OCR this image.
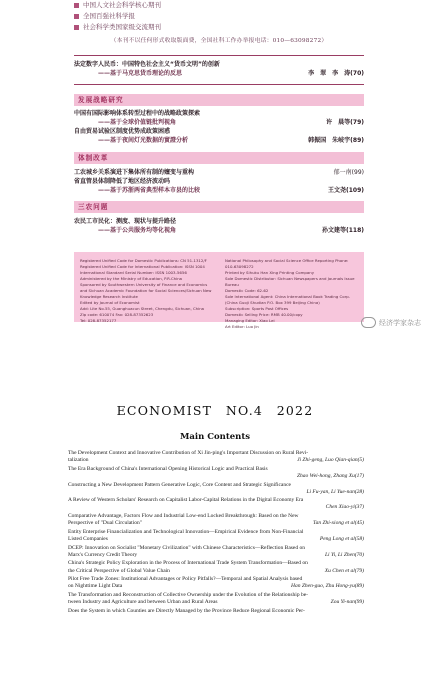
中国人文社会科学核心期刊
全国百强社科学报
社会科学类国家级交流期刊
（本刊不以任何形式收取版面费，全国社科工作办举报电话：010—63098272）
法定数字人民币：中国特色社会主义“货币文明”的创新
——基于马克思货币理论的反思	李　翠　李　涛(70)
发展战略研究
中国有国际影响体系转型过程中的战略政策探索
——基于全球价值链批判视角	许　晨等(79)
自由贸易试验区制度优势成政策困惑
——基于夜间灯光数据的實證分析	韩振国　朱岐宇(89)
体制改革
工农城乡关系演进下集体所有制的嬗变与重构	郁一南(99)
省直管县体制降低了地区经济波动吗
——基于苏浙两省典型样本市县的比较	王文尧(109)
三农问题
农民工市民化：测度、现状与提升路径
——基于公共服务均等化视角	孙文建等(118)
Registered Unified Code for Domestic Publications: CN 51-1312/F
Registered Unified Code for International Publication: ISSN 1004
International Standard Serial Number: ISSN 1003-5656
Administered by the Ministry of Education, P.R.China
Sponsored by Southwestern University of Finance and Economics
and Sichuan Academic Foundation for Social Sciences/Sichuan New
Knowledge Research Institute
Edited by Journal of Economist
Add: Lite No.55, Guanghuacun Street, Chengdu, Sichuan, China
Zip code: 610074 Fax: 028-87352623
Tel: 028-87352177
National Philosophy and Social Science Office Reporting Phone:
010-63098272
Printed by Sihuku Han Xing Printing Company
Sole Domestic Distributor: Sichuan Newspapers and Journals Issue
Bureau
Domestic Code: 62-62
Sole International Agent: China International Book Trading Corp.
(China Guoji Shudian P.O. Box 399 Beijing China)
Subscription: Sports Post Offices
Domestic Selling Price: RMB 40.00/copy
Managing Editor: Xiao Lei
Art Editor: Luo Jin	经济学家杂志
ECONOMIST　NO.4　2022
Main Contents
The Development Context and Innovative Contribution of Xi Jin-ping's Important Discussion on Rural Revi-
talization	Ji Zhi-geng, Luo Qian-qian(5)
The Era Background of China's International Opening Historical Logic and Practical Basis
Zhao Wei-hong, Zhang Xu(17)
Constructing a New Development Pattern Generative Logic, Core Content and Strategic Significance
Li Fu-yan, Li Yue-nan(28)
A Review of Western Scholars' Research on Capitalist Labor-Capital Relations in the Digital Economy Era
Chen Xiao-yi(37)
Comparative Advantage, Factors Flow and Industrial Low-end Locked Breakthrough: Based on the New
Perspective of "Dual Circulation"	Tan Zhi-xiong et al(45)
Entity Enterprise Financialization and Technological Innovation—Empirical Evidence from Non-Financial
Listed Companies	Peng Long et al(58)
DCEP: Innovation on Socialist "Monetary Civilization" with Chinese Characteristics—Reflection Based on
Marx's Currency Credit Theory	Li Yi, Li Zhen(70)
China's Strategic Policy Exploration in the Process of International Trade System Transformation—Based on
the Critical Perspective of Global Value Chain	Xu Chen et al(79)
Pilot Free Trade Zones: Institutional Advantages or Policy Pitfalls?—Temporal and Spatial Analysis based
on Nighttime Light Data	Han Zhen-guo, Zhu Hong-yu(89)
The Transformation and Reconstruction of Collective Ownership under the Evolution of the Relationship be-
tween Industry and Agriculture and between Urban and Rural Areas	Zou Yi-nan(99)
Does the System in which Counties are Directly Managed by the Province Reduce Regional Economic Per-
